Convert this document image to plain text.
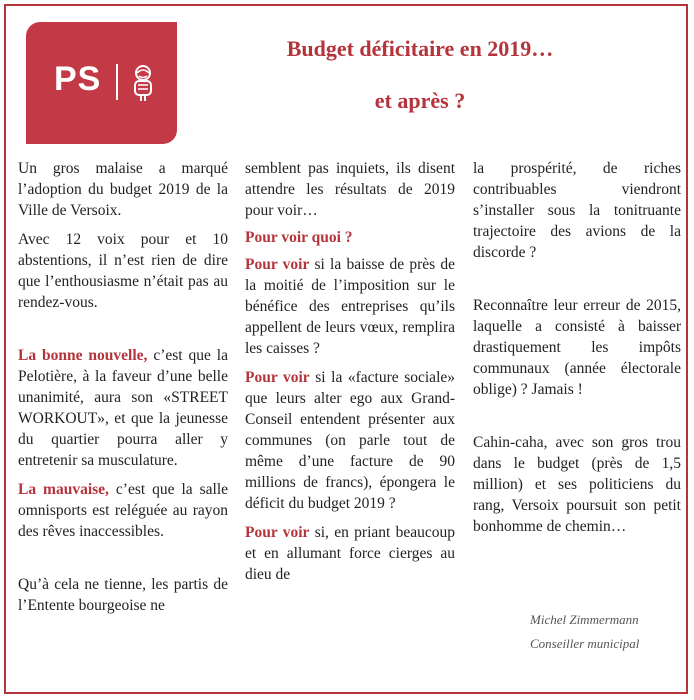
PS
Budget déficitaire en 2019…
et après ?

Un gros malaise a marqué l’adoption du budget 2019 de la Ville de Versoix.

Avec 12 voix pour et 10 abstentions, il n’est rien de dire que l’enthousiasme n’était pas au rendez-vous.

La bonne nouvelle, c’est que la Pelotière, à la faveur d’une belle unanimité, aura son «STREET WORKOUT», et que la jeunesse du quartier pourra aller y entretenir sa musculature.

La mauvaise, c’est que la salle omnisports est reléguée au rayon des rêves inaccessibles.

Qu’à cela ne tienne, les partis de l’Entente bourgeoise ne

semblent pas inquiets, ils disent attendre les résultats de 2019 pour voir…

Pour voir quoi ?

Pour voir si la baisse de près de la moitié de l’imposition sur le bénéfice des entreprises qu’ils appellent de leurs vœux, remplira les caisses ?

Pour voir si la «facture sociale» que leurs alter ego aux Grand-Conseil entendent présenter aux communes (on parle tout de même d’une facture de 90 millions de francs), épongera le déficit du budget 2019 ?

Pour voir si, en priant beaucoup et en allumant force cierges au dieu de

la prospérité, de riches contribuables viendront s’installer sous la tonitruante trajectoire des avions de la discorde ?

Reconnaître leur erreur de 2015, laquelle a consisté à baisser drastiquement les impôts communaux (année électorale oblige) ? Jamais !

Cahin-caha, avec son gros trou dans le budget (près de 1,5 million) et ses politiciens du rang, Versoix poursuit son petit bonhomme de chemin…

Michel Zimmermann
Conseiller municipal
